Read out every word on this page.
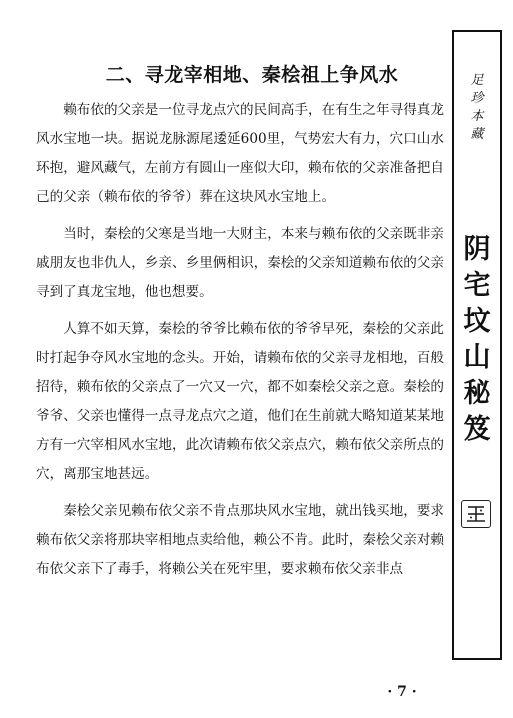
二、寻龙宰相地、秦桧祖上争风水

赖布依的父亲是一位寻龙点穴的民间高手，在有生之年寻得真龙风水宝地一块。据说龙脉源尾逶延600里，气势宏大有力，穴口山水环抱，避风藏气，左前方有圆山一座似大印，赖布依的父亲准备把自己的父亲（赖布依的爷爷）葬在这块风水宝地上。

当时，秦桧的父寒是当地一大财主，本来与赖布依的父亲既非亲戚朋友也非仇人，乡亲、乡里俩相识，秦桧的父亲知道赖布依的父亲寻到了真龙宝地，他也想要。

人算不如天算，秦桧的爷爷比赖布依的爷爷早死，秦桧的父亲此时打起争夺风水宝地的念头。开始，请赖布依的父亲寻龙相地，百般招待，赖布依的父亲点了一穴又一穴，都不如秦桧父亲之意。秦桧的爷爷、父亲也懂得一点寻龙点穴之道，他们在生前就大略知道某某地方有一穴宰相风水宝地，此次请赖布依父亲点穴，赖布依父亲所点的穴，离那宝地甚远。

秦桧父亲见赖布依父亲不肯点那块风水宝地，就出钱买地，要求赖布依父亲将那块宰相地点卖给他，赖公不肯。此时，秦桧父亲对赖布依父亲下了毒手，将赖公关在死牢里，要求赖布依父亲非点

足
珍
本
藏
阴
宅
坟
山
秘
笈
· 7 ·
